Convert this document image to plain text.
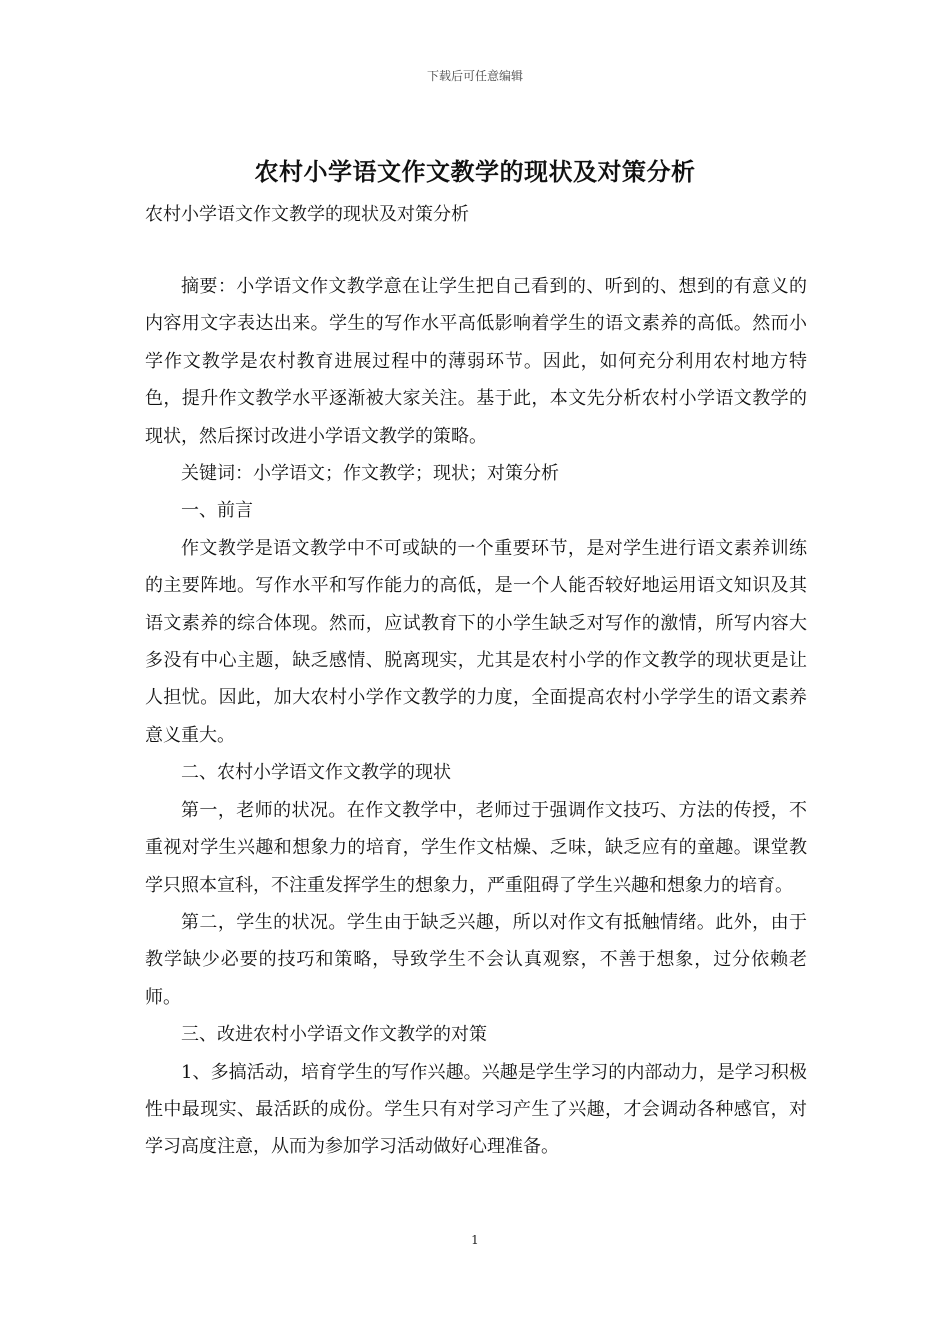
下载后可任意编辑
农村小学语文作文教学的现状及对策分析
农村小学语文作文教学的现状及对策分析

摘要：小学语文作文教学意在让学生把自己看到的、听到的、想到的有意义的内容用文字表达出来。学生的写作水平高低影响着学生的语文素养的高低。然而小学作文教学是农村教育进展过程中的薄弱环节。因此，如何充分利用农村地方特色，提升作文教学水平逐渐被大家关注。基于此，本文先分析农村小学语文教学的现状，然后探讨改进小学语文教学的策略。

关键词：小学语文；作文教学；现状；对策分析

一、前言

作文教学是语文教学中不可或缺的一个重要环节，是对学生进行语文素养训练的主要阵地。写作水平和写作能力的高低，是一个人能否较好地运用语文知识及其语文素养的综合体现。然而，应试教育下的小学生缺乏对写作的激情，所写内容大多没有中心主题，缺乏感情、脱离现实，尤其是农村小学的作文教学的现状更是让人担忧。因此，加大农村小学作文教学的力度，全面提高农村小学学生的语文素养意义重大。

二、农村小学语文作文教学的现状

第一，老师的状况。在作文教学中，老师过于强调作文技巧、方法的传授，不重视对学生兴趣和想象力的培育，学生作文枯燥、乏味，缺乏应有的童趣。课堂教学只照本宣科，不注重发挥学生的想象力，严重阻碍了学生兴趣和想象力的培育。

第二，学生的状况。学生由于缺乏兴趣，所以对作文有抵触情绪。此外，由于教学缺少必要的技巧和策略，导致学生不会认真观察，不善于想象，过分依赖老师。

三、改进农村小学语文作文教学的对策

1、多搞活动，培育学生的写作兴趣。兴趣是学生学习的内部动力，是学习积极性中最现实、最活跃的成份。学生只有对学习产生了兴趣，才会调动各种感官，对学习高度注意，从而为参加学习活动做好心理准备。

1
